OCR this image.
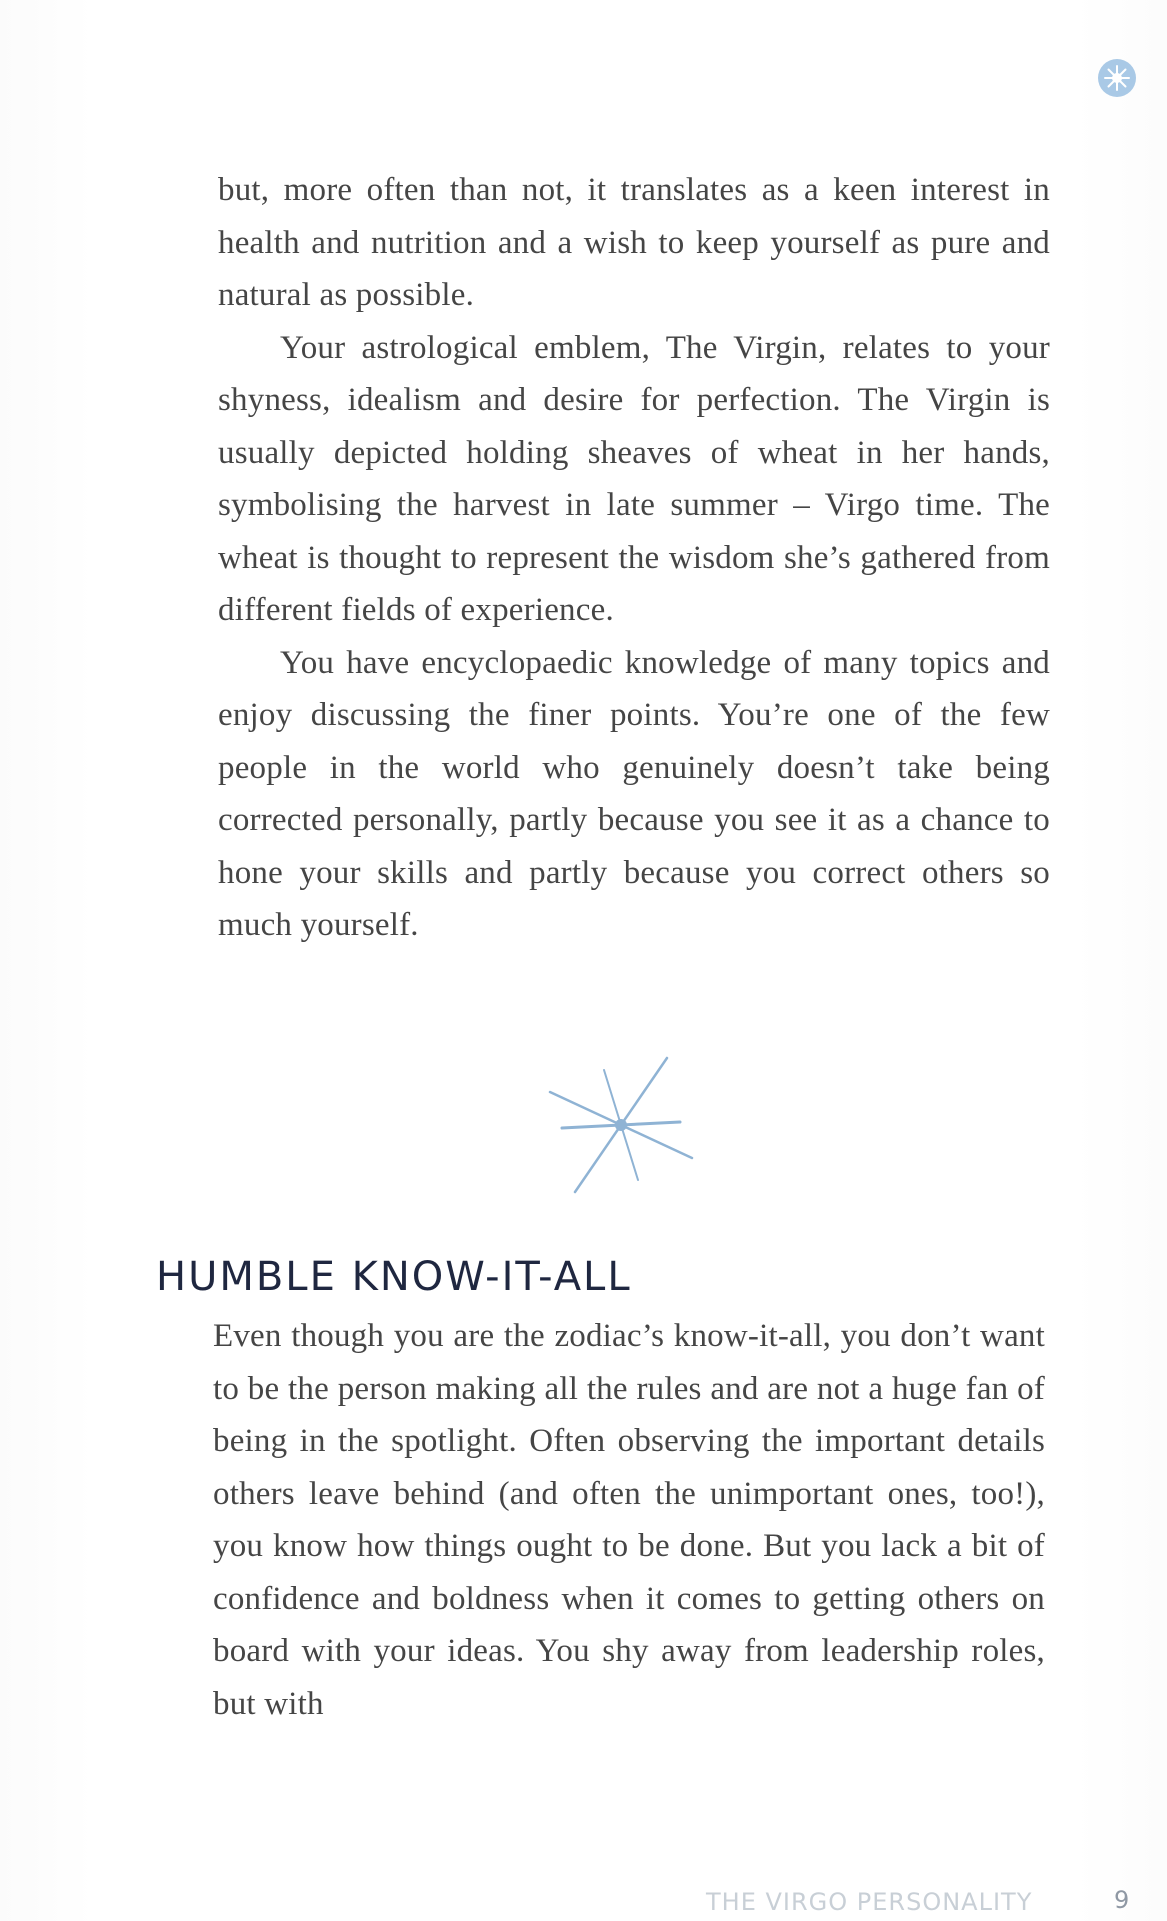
but, more often than not, it translates as a keen interest in health and nutrition and a wish to keep yourself as pure and natural as possible.

Your astrological emblem, The Virgin, relates to your shyness, idealism and desire for perfection. The Virgin is usually depicted holding sheaves of wheat in her hands, symbolising the harvest in late summer – Virgo time. The wheat is thought to represent the wisdom she’s gathered from different fields of experience.

You have encyclopaedic knowledge of many topics and enjoy discussing the finer points. You’re one of the few people in the world who genuinely doesn’t take being corrected personally, partly because you see it as a chance to hone your skills and partly because you correct others so much yourself.

HUMBLE KNOW-IT-ALL

Even though you are the zodiac’s know-it-all, you don’t want to be the person making all the rules and are not a huge fan of being in the spotlight. Often observing the important details others leave behind (and often the unimportant ones, too!), you know how things ought to be done. But you lack a bit of confidence and boldness when it comes to getting others on board with your ideas. You shy away from leadership roles, but with

THE VIRGO PERSONALITY	9
